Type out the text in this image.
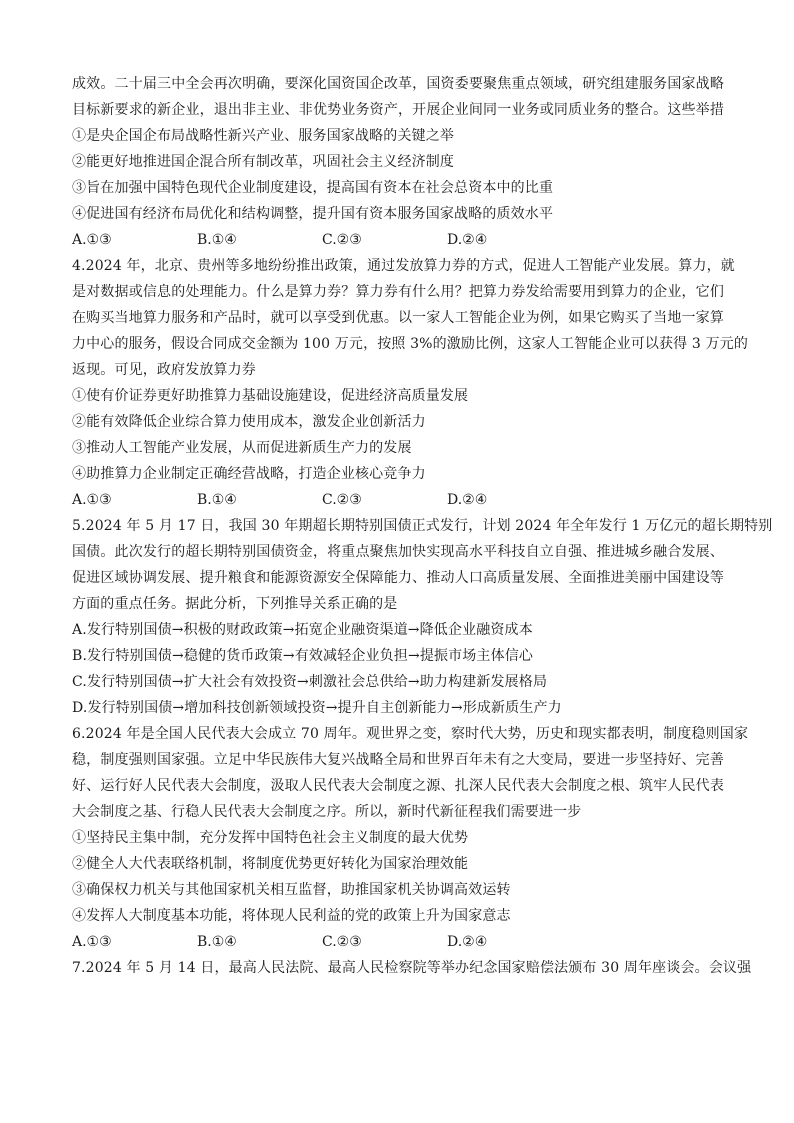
成效。二十届三中全会再次明确，要深化国资国企改革，国资委要聚焦重点领域，研究组建服务国家战略
目标新要求的新企业，退出非主业、非优势业务资产，开展企业间同一业务或同质业务的整合。这些举措
①是央企国企布局战略性新兴产业、服务国家战略的关键之举
②能更好地推进国企混合所有制改革，巩固社会主义经济制度
③旨在加强中国特色现代企业制度建设，提高国有资本在社会总资本中的比重
④促进国有经济布局优化和结构调整，提升国有资本服务国家战略的质效水平
A.①③	B.①④	C.②③	D.②④
4.2024 年，北京、贵州等多地纷纷推出政策，通过发放算力券的方式，促进人工智能产业发展。算力，就
是对数据或信息的处理能力。什么是算力券？算力券有什么用？把算力券发给需要用到算力的企业，它们
在购买当地算力服务和产品时，就可以享受到优惠。以一家人工智能企业为例，如果它购买了当地一家算
力中心的服务，假设合同成交金额为 100 万元，按照 3%的激励比例，这家人工智能企业可以获得 3 万元的
返现。可见，政府发放算力券
①使有价证券更好助推算力基础设施建设，促进经济高质量发展
②能有效降低企业综合算力使用成本，激发企业创新活力
③推动人工智能产业发展，从而促进新质生产力的发展
④助推算力企业制定正确经营战略，打造企业核心竞争力
A.①③	B.①④	C.②③	D.②④
5.2024 年 5 月 17 日，我国 30 年期超长期特别国债正式发行，计划 2024 年全年发行 1 万亿元的超长期特别
国债。此次发行的超长期特别国债资金，将重点聚焦加快实现高水平科技自立自强、推进城乡融合发展、
促进区域协调发展、提升粮食和能源资源安全保障能力、推动人口高质量发展、全面推进美丽中国建设等
方面的重点任务。据此分析，下列推导关系正确的是
A.发行特别国债→积极的财政政策→拓宽企业融资渠道→降低企业融资成本
B.发行特别国债→稳健的货币政策→有效减轻企业负担→提振市场主体信心
C.发行特别国债→扩大社会有效投资→刺激社会总供给→助力构建新发展格局
D.发行特别国债→增加科技创新领域投资→提升自主创新能力→形成新质生产力
6.2024 年是全国人民代表大会成立 70 周年。观世界之变，察时代大势，历史和现实都表明，制度稳则国家
稳，制度强则国家强。立足中华民族伟大复兴战略全局和世界百年未有之大变局，要进一步坚持好、完善
好、运行好人民代表大会制度，汲取人民代表大会制度之源、扎深人民代表大会制度之根、筑牢人民代表
大会制度之基、行稳人民代表大会制度之序。所以，新时代新征程我们需要进一步
①坚持民主集中制，充分发挥中国特色社会主义制度的最大优势
②健全人大代表联络机制，将制度优势更好转化为国家治理效能
③确保权力机关与其他国家机关相互监督，助推国家机关协调高效运转
④发挥人大制度基本功能，将体现人民利益的党的政策上升为国家意志
A.①③	B.①④	C.②③	D.②④
7.2024 年 5 月 14 日，最高人民法院、最高人民检察院等举办纪念国家赔偿法颁布 30 周年座谈会。会议强
